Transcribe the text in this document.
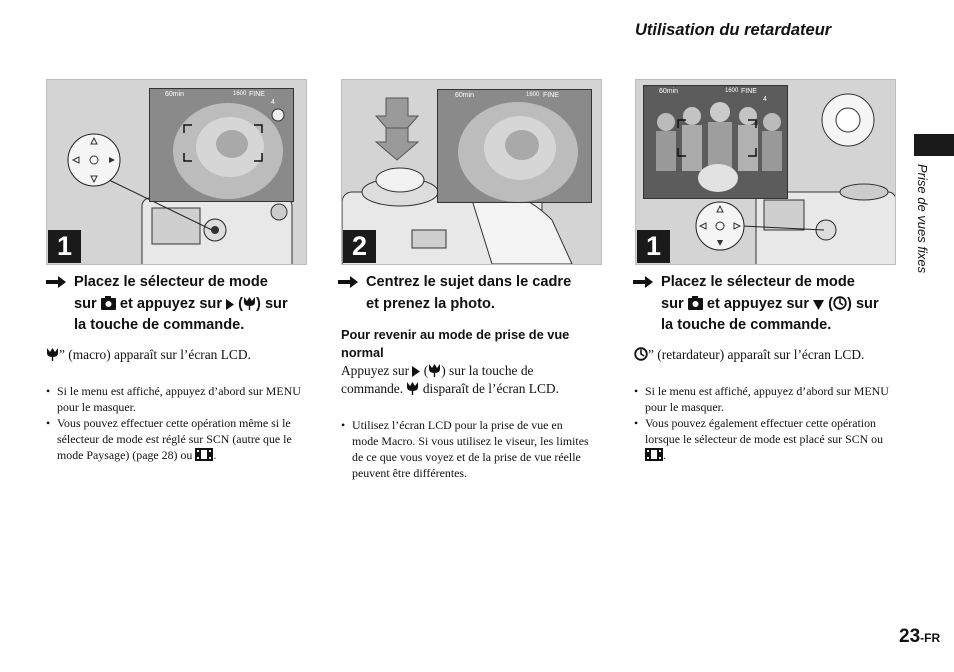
Utilisation du retardateur
Prise de vues fixes
60min	1600 FINE
4
1
60min	1600 FINE
2
60min	1600 FINE
4
1
Placez le sélecteur de mode
sur et appuyez sur ( ) sur
la touche de commande.
” (macro) apparaît sur l’écran LCD.
• Si le menu est affiché, appuyez d’abord sur MENU pour le masquer.
• Vous pouvez effectuer cette opération même si le sélecteur de mode est réglé sur SCN (autre que le mode Paysage) (page 28) ou .
Centrez le sujet dans le cadre
et prenez la photo.
Pour revenir au mode de prise de vue normal
Appuyez sur ( ) sur la touche de
commande. disparaît de l’écran LCD.
• Utilisez l’écran LCD pour la prise de vue en mode Macro. Si vous utilisez le viseur, les limites de ce que vous voyez et de la prise de vue réelle peuvent être différentes.
Placez le sélecteur de mode
sur et appuyez sur ( ) sur
la touche de commande.
” (retardateur) apparaît sur l’écran LCD.
• Si le menu est affiché, appuyez d’abord sur MENU pour le masquer.
• Vous pouvez également effectuer cette opération lorsque le sélecteur de mode est placé sur SCN ou .
23-FR
